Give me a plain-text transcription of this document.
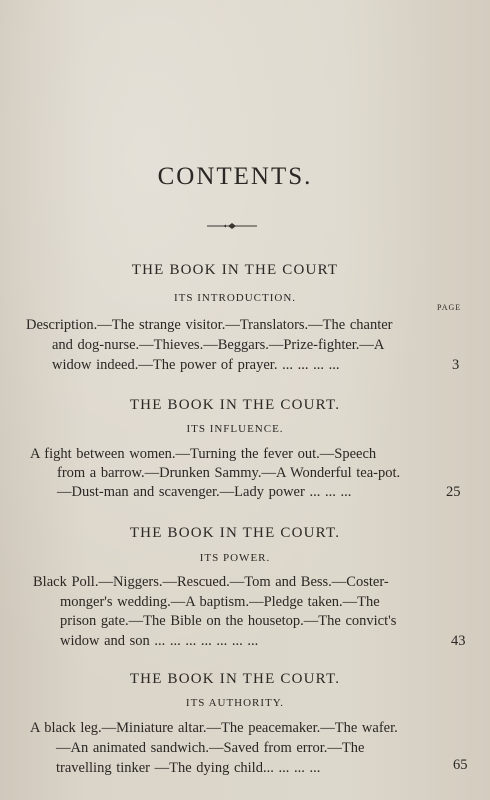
CONTENTS.
THE BOOK IN THE COURT
ITS INTRODUCTION.
PAGE
Description.—The strange visitor.—Translators.—The chanter
and dog-nurse.—Thieves.—Beggars.—Prize-fighter.—A
widow indeed.—The power of prayer. ... ... ... ...	3
THE BOOK IN THE COURT.
ITS INFLUENCE.
A fight between women.—Turning the fever out.—Speech
from a barrow.—Drunken Sammy.—A Wonderful tea-pot.
—Dust-man and scavenger.—Lady power ... ... ...	25
THE BOOK IN THE COURT.
ITS POWER.
Black Poll.—Niggers.—Rescued.—Tom and Bess.—Coster-
monger's wedding.—A baptism.—Pledge taken.—The
prison gate.—The Bible on the housetop.—The convict's
widow and son ... ... ... ... ... ... ...	43
THE BOOK IN THE COURT.
ITS AUTHORITY.
A black leg.—Miniature altar.—The peacemaker.—The wafer.
—An animated sandwich.—Saved from error.—The
travelling tinker —The dying child... ... ... ...	65
